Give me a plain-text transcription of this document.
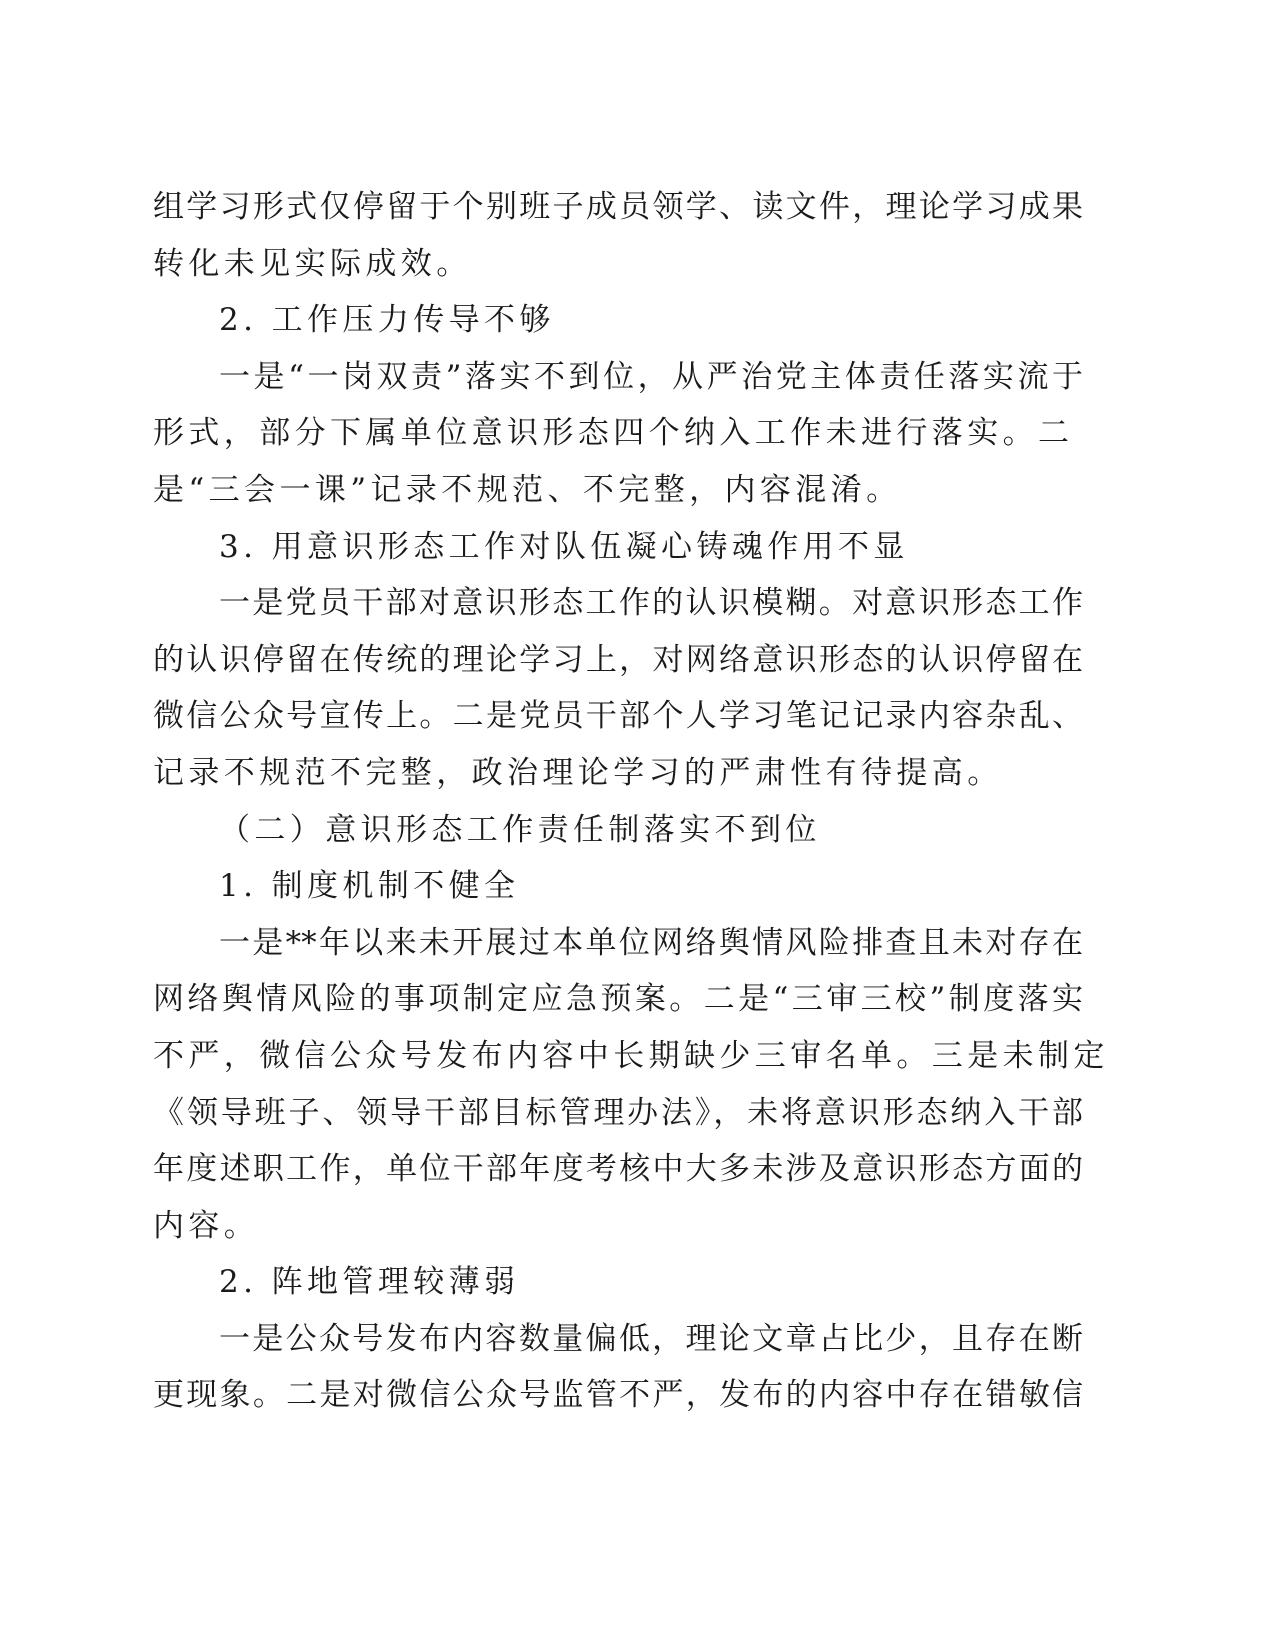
组学习形式仅停留于个别班子成员领学、读文件，理论学习成果
转化未见实际成效。
2. 工作压力传导不够
一是“一岗双责”落实不到位，从严治党主体责任落实流于
形式，部分下属单位意识形态四个纳入工作未进行落实。二
是“三会一课”记录不规范、不完整，内容混淆。
3. 用意识形态工作对队伍凝心铸魂作用不显
一是党员干部对意识形态工作的认识模糊。对意识形态工作
的认识停留在传统的理论学习上，对网络意识形态的认识停留在
微信公众号宣传上。二是党员干部个人学习笔记记录内容杂乱、
记录不规范不完整，政治理论学习的严肃性有待提高。
（二）意识形态工作责任制落实不到位
1. 制度机制不健全
一是**年以来未开展过本单位网络舆情风险排查且未对存在
网络舆情风险的事项制定应急预案。二是“三审三校”制度落实
不严，微信公众号发布内容中长期缺少三审名单。三是未制定
《领导班子、领导干部目标管理办法》，未将意识形态纳入干部
年度述职工作，单位干部年度考核中大多未涉及意识形态方面的
内容。
2. 阵地管理较薄弱
一是公众号发布内容数量偏低，理论文章占比少，且存在断
更现象。二是对微信公众号监管不严，发布的内容中存在错敏信
